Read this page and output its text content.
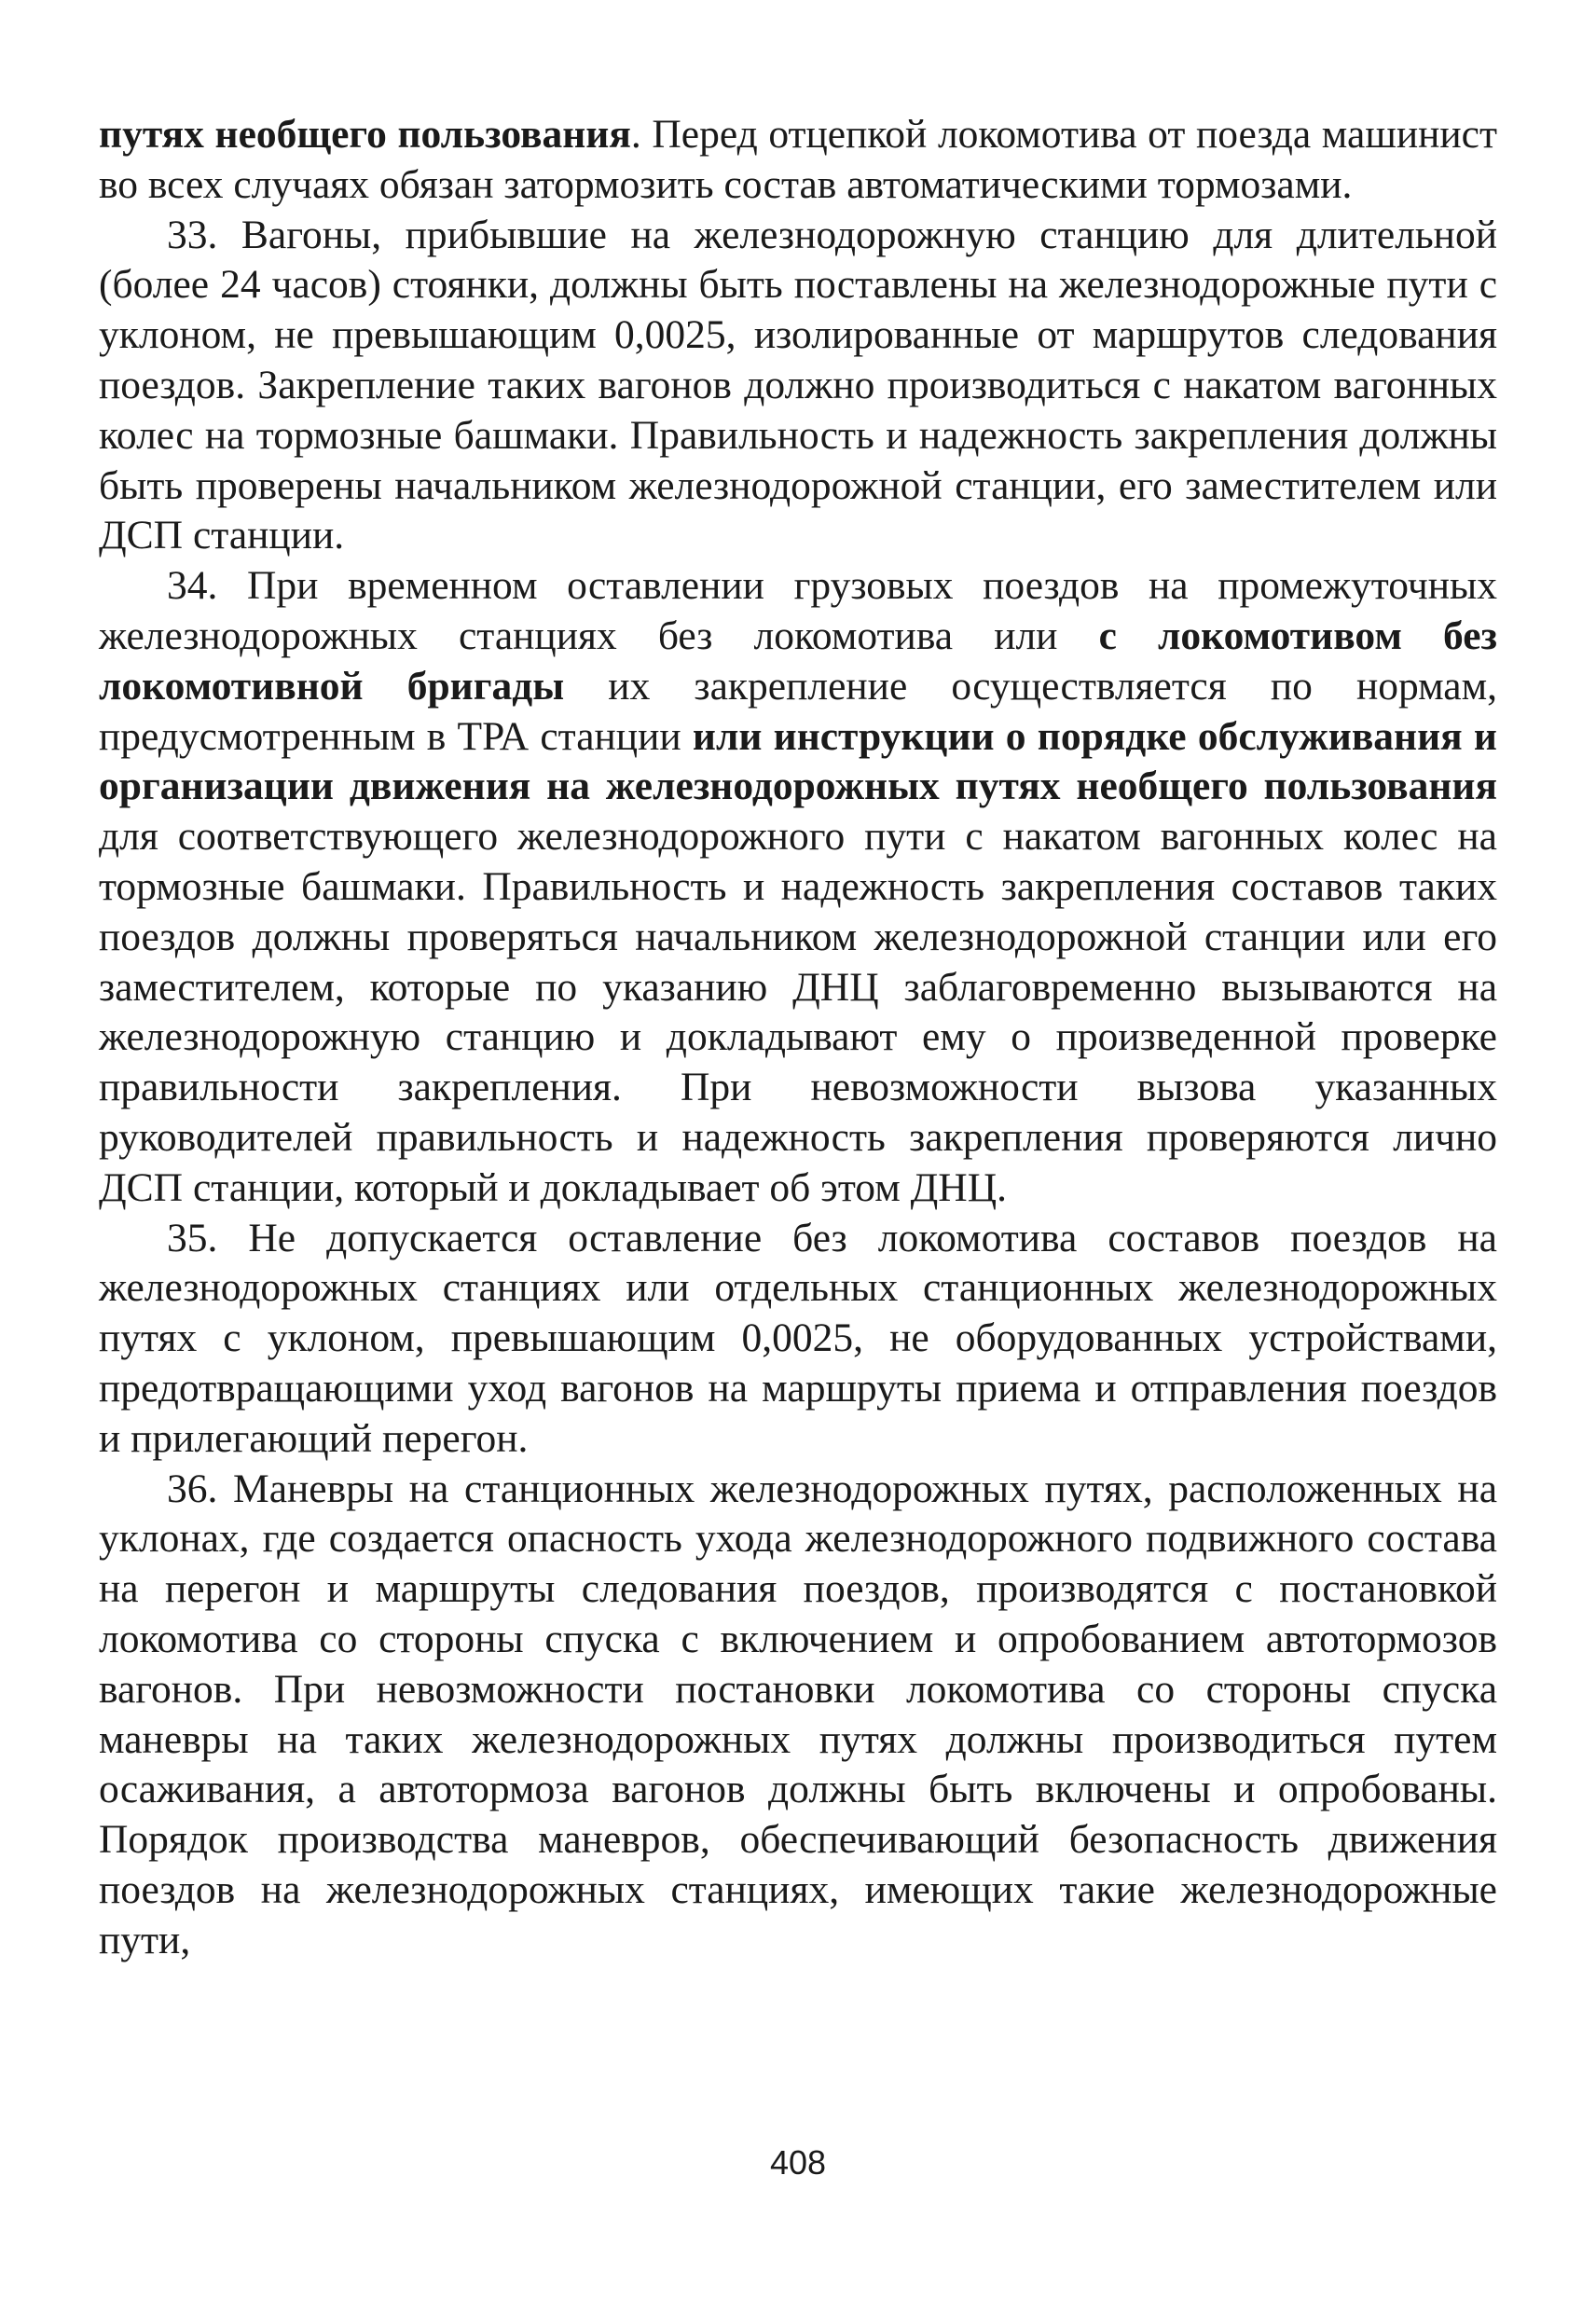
путях необщего пользования. Перед отцепкой локомотива от поезда машинист во всех случаях обязан затормозить состав автоматическими тормозами.

33. Вагоны, прибывшие на железнодорожную станцию для длительной (более 24 часов) стоянки, должны быть поставлены на железнодорожные пути с уклоном, не превышающим 0,0025, изолированные от маршрутов следования поездов. Закрепление таких вагонов должно производиться с накатом вагонных колес на тормозные башмаки. Правильность и надежность закрепления должны быть проверены начальником железнодорожной станции, его заместителем или ДСП станции.

34. При временном оставлении грузовых поездов на промежуточных железнодорожных станциях без локомотива или с локомотивом без локомотивной бригады их закрепление осуществляется по нормам, предусмотренным в ТРА станции или инструкции о порядке обслуживания и организации движения на железнодорожных путях необщего пользования для соответствующего железнодорожного пути с накатом вагонных колес на тормозные башмаки. Правильность и надежность закрепления составов таких поездов должны проверяться начальником железнодорожной станции или его заместителем, которые по указанию ДНЦ заблаговременно вызываются на железнодорожную станцию и докладывают ему о произведенной проверке правильности закрепления. При невозможности вызова указанных руководителей правильность и надежность закрепления проверяются лично ДСП станции, который и докладывает об этом ДНЦ.

35. Не допускается оставление без локомотива составов поездов на железнодорожных станциях или отдельных станционных железнодорожных путях с уклоном, превышающим 0,0025, не оборудованных устройствами, предотвращающими уход вагонов на маршруты приема и отправления поездов и прилегающий перегон.

36. Маневры на станционных железнодорожных путях, расположенных на уклонах, где создается опасность ухода железнодорожного подвижного состава на перегон и маршруты следования поездов, производятся с постановкой локомотива со стороны спуска с включением и опробованием автотормозов вагонов. При невозможности постановки локомотива со стороны спуска маневры на таких железнодорожных путях должны производиться путем осаживания, а автотормоза вагонов должны быть включены и опробованы. Порядок производства маневров, обеспечивающий безопасность движения поездов на железнодорожных станциях, имеющих такие железнодорожные пути,

408
